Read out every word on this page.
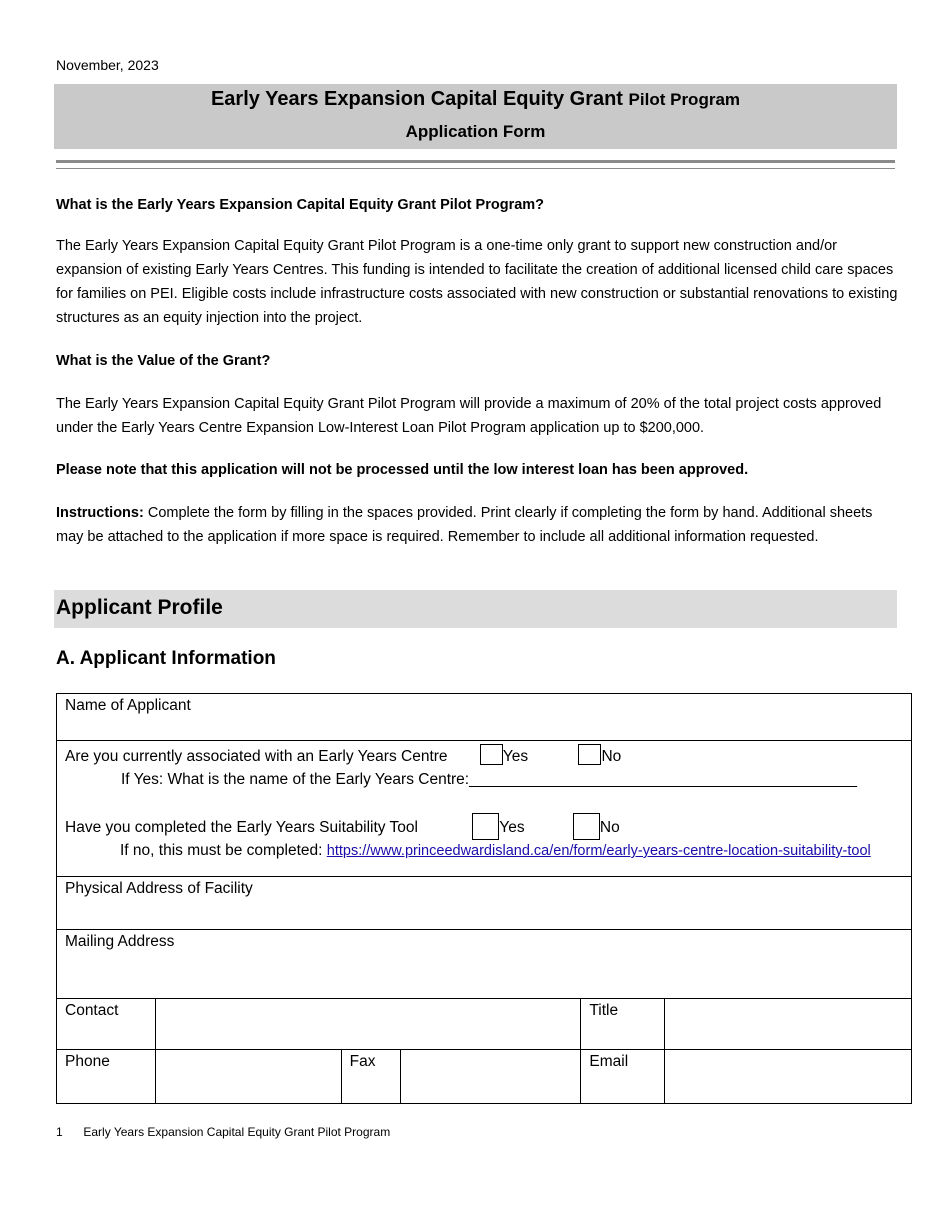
November, 2023
Early Years Expansion Capital Equity Grant Pilot Program
Application Form
What is the Early Years Expansion Capital Equity Grant Pilot Program?
The Early Years Expansion Capital Equity Grant Pilot Program is a one-time only grant to support new construction and/or expansion of existing Early Years Centres. This funding is intended to facilitate the creation of additional licensed child care spaces for families on PEI. Eligible costs include infrastructure costs associated with new construction or substantial renovations to existing structures as an equity injection into the project.
What is the Value of the Grant?
The Early Years Expansion Capital Equity Grant Pilot Program will provide a maximum of 20% of the total project costs approved under the Early Years Centre Expansion Low-Interest Loan Pilot Program application up to $200,000.
Please note that this application will not be processed until the low interest loan has been approved.
Instructions: Complete the form by filling in the spaces provided. Print clearly if completing the form by hand. Additional sheets may be attached to the application if more space is required. Remember to include all additional information requested.
Applicant Profile
A. Applicant Information
Name of Applicant					

Are you currently associated with an Early Years Centre Yes No
If Yes: What is the name of the Early Years Centre:_____________________________________________
Have you completed the Early Years Suitability Tool Yes No
If no, this must be completed: https://www.princeedwardisland.ca/en/form/early-years-centre-location-suitability-tool					

Physical Address of Facility					
Mailing Address					
Contact				Title	
Phone		Fax		Email	
1 Early Years Expansion Capital Equity Grant Pilot Program
